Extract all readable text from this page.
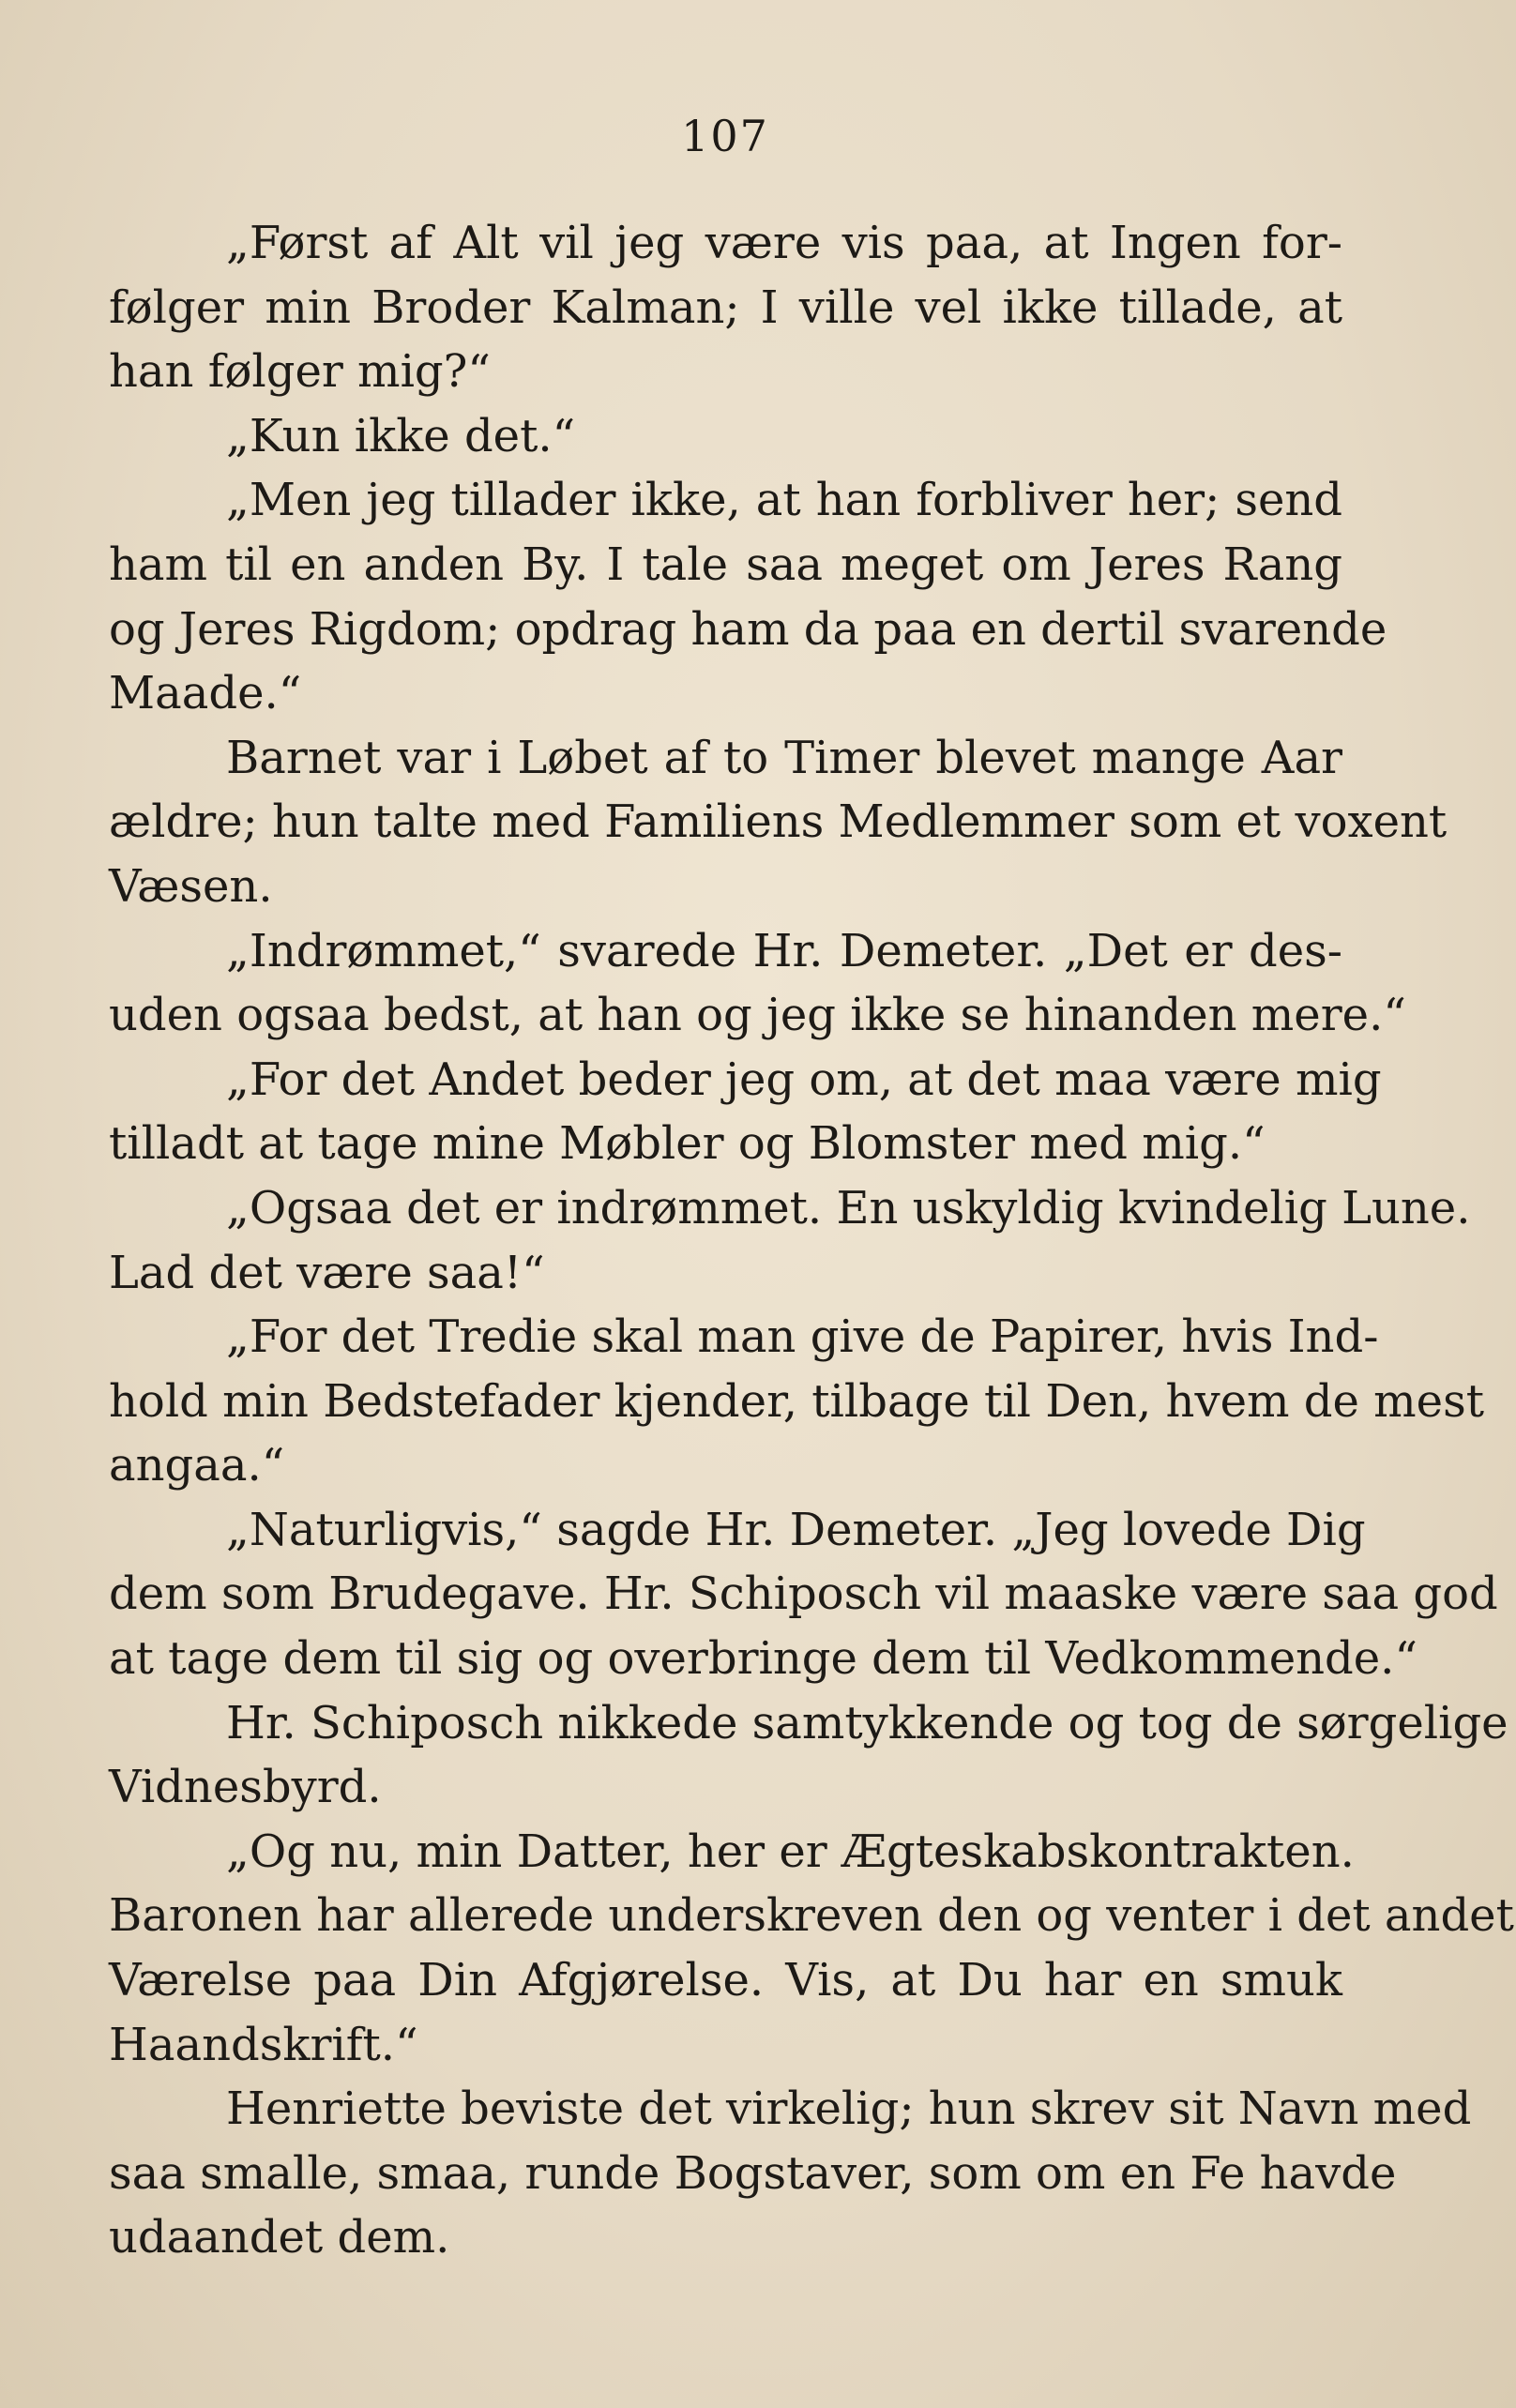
107
„Først af Alt vil jeg være vis paa, at Ingen for-
følger min Broder Kalman; I ville vel ikke tillade, at
han følger mig?“
„Kun ikke det.“
„Men jeg tillader ikke, at han forbliver her; send
ham til en anden By. I tale saa meget om Jeres Rang
og Jeres Rigdom; opdrag ham da paa en dertil svarende
Maade.“
Barnet var i Løbet af to Timer blevet mange Aar
ældre; hun talte med Familiens Medlemmer som et voxent
Væsen.
„Indrømmet,“ svarede Hr. Demeter. „Det er des-
uden ogsaa bedst, at han og jeg ikke se hinanden mere.“
„For det Andet beder jeg om, at det maa være mig
tilladt at tage mine Møbler og Blomster med mig.“
„Ogsaa det er indrømmet. En uskyldig kvindelig Lune.
Lad det være saa!“
„For det Tredie skal man give de Papirer, hvis Ind-
hold min Bedstefader kjender, tilbage til Den, hvem de mest
angaa.“
„Naturligvis,“ sagde Hr. Demeter. „Jeg lovede Dig
dem som Brudegave. Hr. Schiposch vil maaske være saa god
at tage dem til sig og overbringe dem til Vedkommende.“
Hr. Schiposch nikkede samtykkende og tog de sørgelige
Vidnesbyrd.
„Og nu, min Datter, her er Ægteskabskontrakten.
Baronen har allerede underskreven den og venter i det andet
Værelse paa Din Afgjørelse. Vis, at Du har en smuk
Haandskrift.“
Henriette beviste det virkelig; hun skrev sit Navn med
saa smalle, smaa, runde Bogstaver, som om en Fe havde
udaandet dem.
